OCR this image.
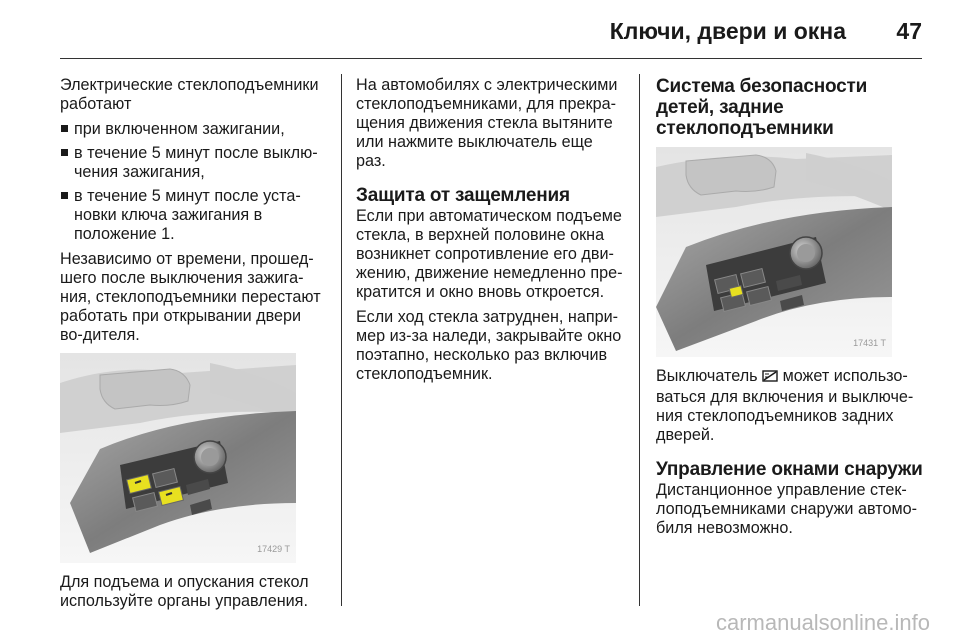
Ключи, двери и окна 47

Электрические стеклоподъемники работают

при включенном зажигании,
в течение 5 минут после выклю-чения зажигания,
в течение 5 минут после уста-новки ключа зажигания в положение 1.

Независимо от времени, прошед-шего после выключения зажига-ния, стеклоподъемники перестают работать при открывании двери во-дителя.

17429 T

Для подъема и опускания стекол используйте органы управления.

На автомобилях с электрическими стеклоподъемниками, для прекра-щения движения стекла вытяните или нажмите выключатель еще раз.

Защита от защемления

Если при автоматическом подъеме стекла, в верхней половине окна возникнет сопротивление его дви-жению, движение немедленно пре-кратится и окно вновь откроется.

Если ход стекла затруднен, напри-мер из-за наледи, закрывайте окно поэтапно, несколько раз включив стеклоподъемник.

Система безопасности детей, задние стеклоподъемники
17431 T

Выключатель может использо-ваться для включения и выключе-ния стеклоподъемников задних дверей.

Управление окнами снаружи

Дистанционное управление стек-лоподъемниками снаружи автомо-биля невозможно.

carmanualsonline.info
